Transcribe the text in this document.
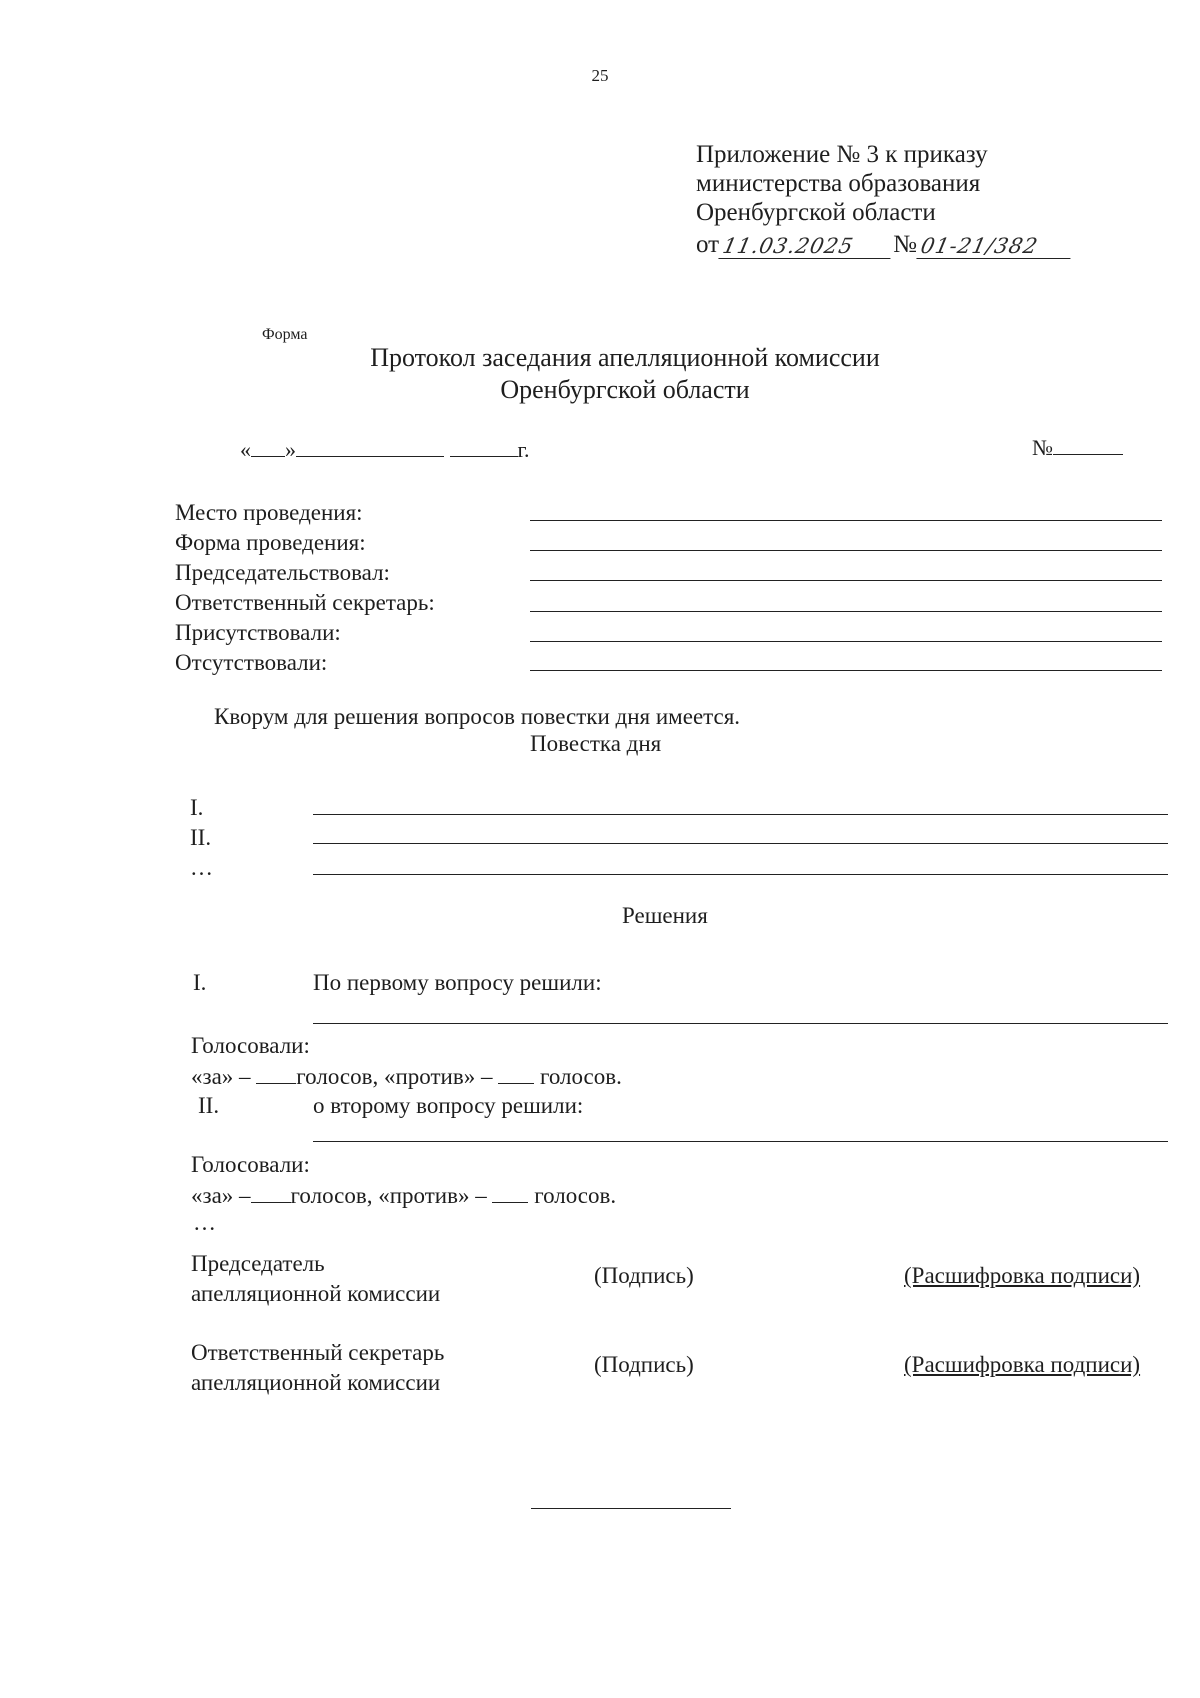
25
Приложение № 3 к приказу
министерства образования
Оренбургской области
от 11.03.2025	№ 01-21/382
Форма
Протокол заседания апелляционной комиссии
Оренбургской области
« »	г.	№
Место проведения:
Форма проведения:
Председательствовал:
Ответственный секретарь:
Присутствовали:
Отсутствовали:
Кворум для решения вопросов повестки дня имеется.
Повестка дня
I.
II.
…
Решения
I.	По первому вопросу решили:
Голосовали:
«за» – голосов, «против» – голосов.
II.	о второму вопросу решили:
Голосовали:
«за» – голосов, «против» – голосов.
…
Председатель
апелляционной комиссии
(Подпись)	(Расшифровка подписи)
Ответственный секретарь
апелляционной комиссии
(Подпись)	(Расшифровка подписи)
